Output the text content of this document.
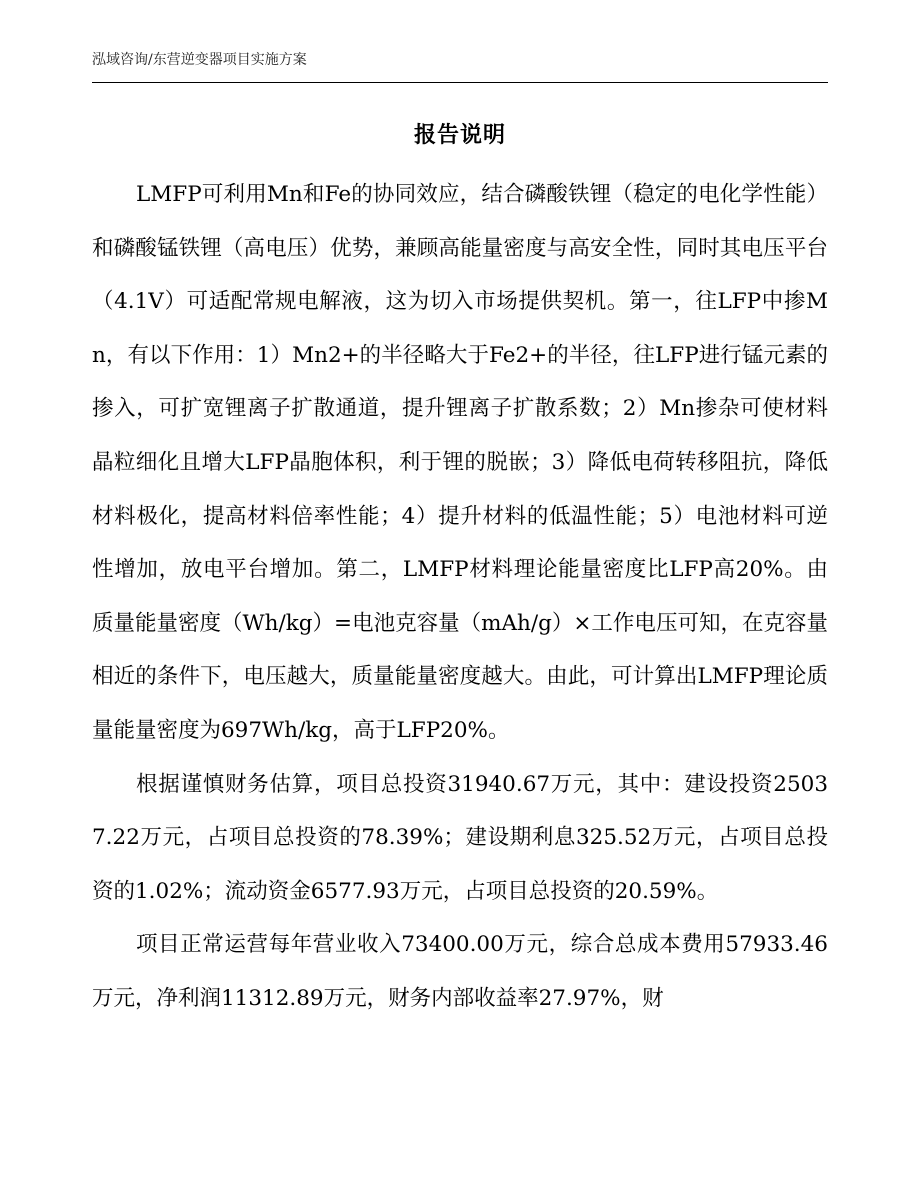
泓域咨询/东营逆变器项目实施方案
报告说明

LMFP可利用Mn和Fe的协同效应，结合磷酸铁锂（稳定的电化学性能）和磷酸锰铁锂（高电压）优势，兼顾高能量密度与高安全性，同时其电压平台（4.1V）可适配常规电解液，这为切入市场提供契机。第一，往LFP中掺Mn，有以下作用：1）Mn2+的半径略大于Fe2+的半径，往LFP进行锰元素的掺入，可扩宽锂离子扩散通道，提升锂离子扩散系数；2）Mn掺杂可使材料晶粒细化且增大LFP晶胞体积，利于锂的脱嵌；3）降低电荷转移阻抗，降低材料极化，提高材料倍率性能；4）提升材料的低温性能；5）电池材料可逆性增加，放电平台增加。第二，LMFP材料理论能量密度比LFP高20%。由质量能量密度（Wh/kg）=电池克容量（mAh/g）×工作电压可知，在克容量相近的条件下，电压越大，质量能量密度越大。由此，可计算出LMFP理论质量能量密度为697Wh/kg，高于LFP20%。

根据谨慎财务估算，项目总投资31940.67万元，其中：建设投资25037.22万元，占项目总投资的78.39%；建设期利息325.52万元，占项目总投资的1.02%；流动资金6577.93万元，占项目总投资的20.59%。

项目正常运营每年营业收入73400.00万元，综合总成本费用57933.46万元，净利润11312.89万元，财务内部收益率27.97%，财
